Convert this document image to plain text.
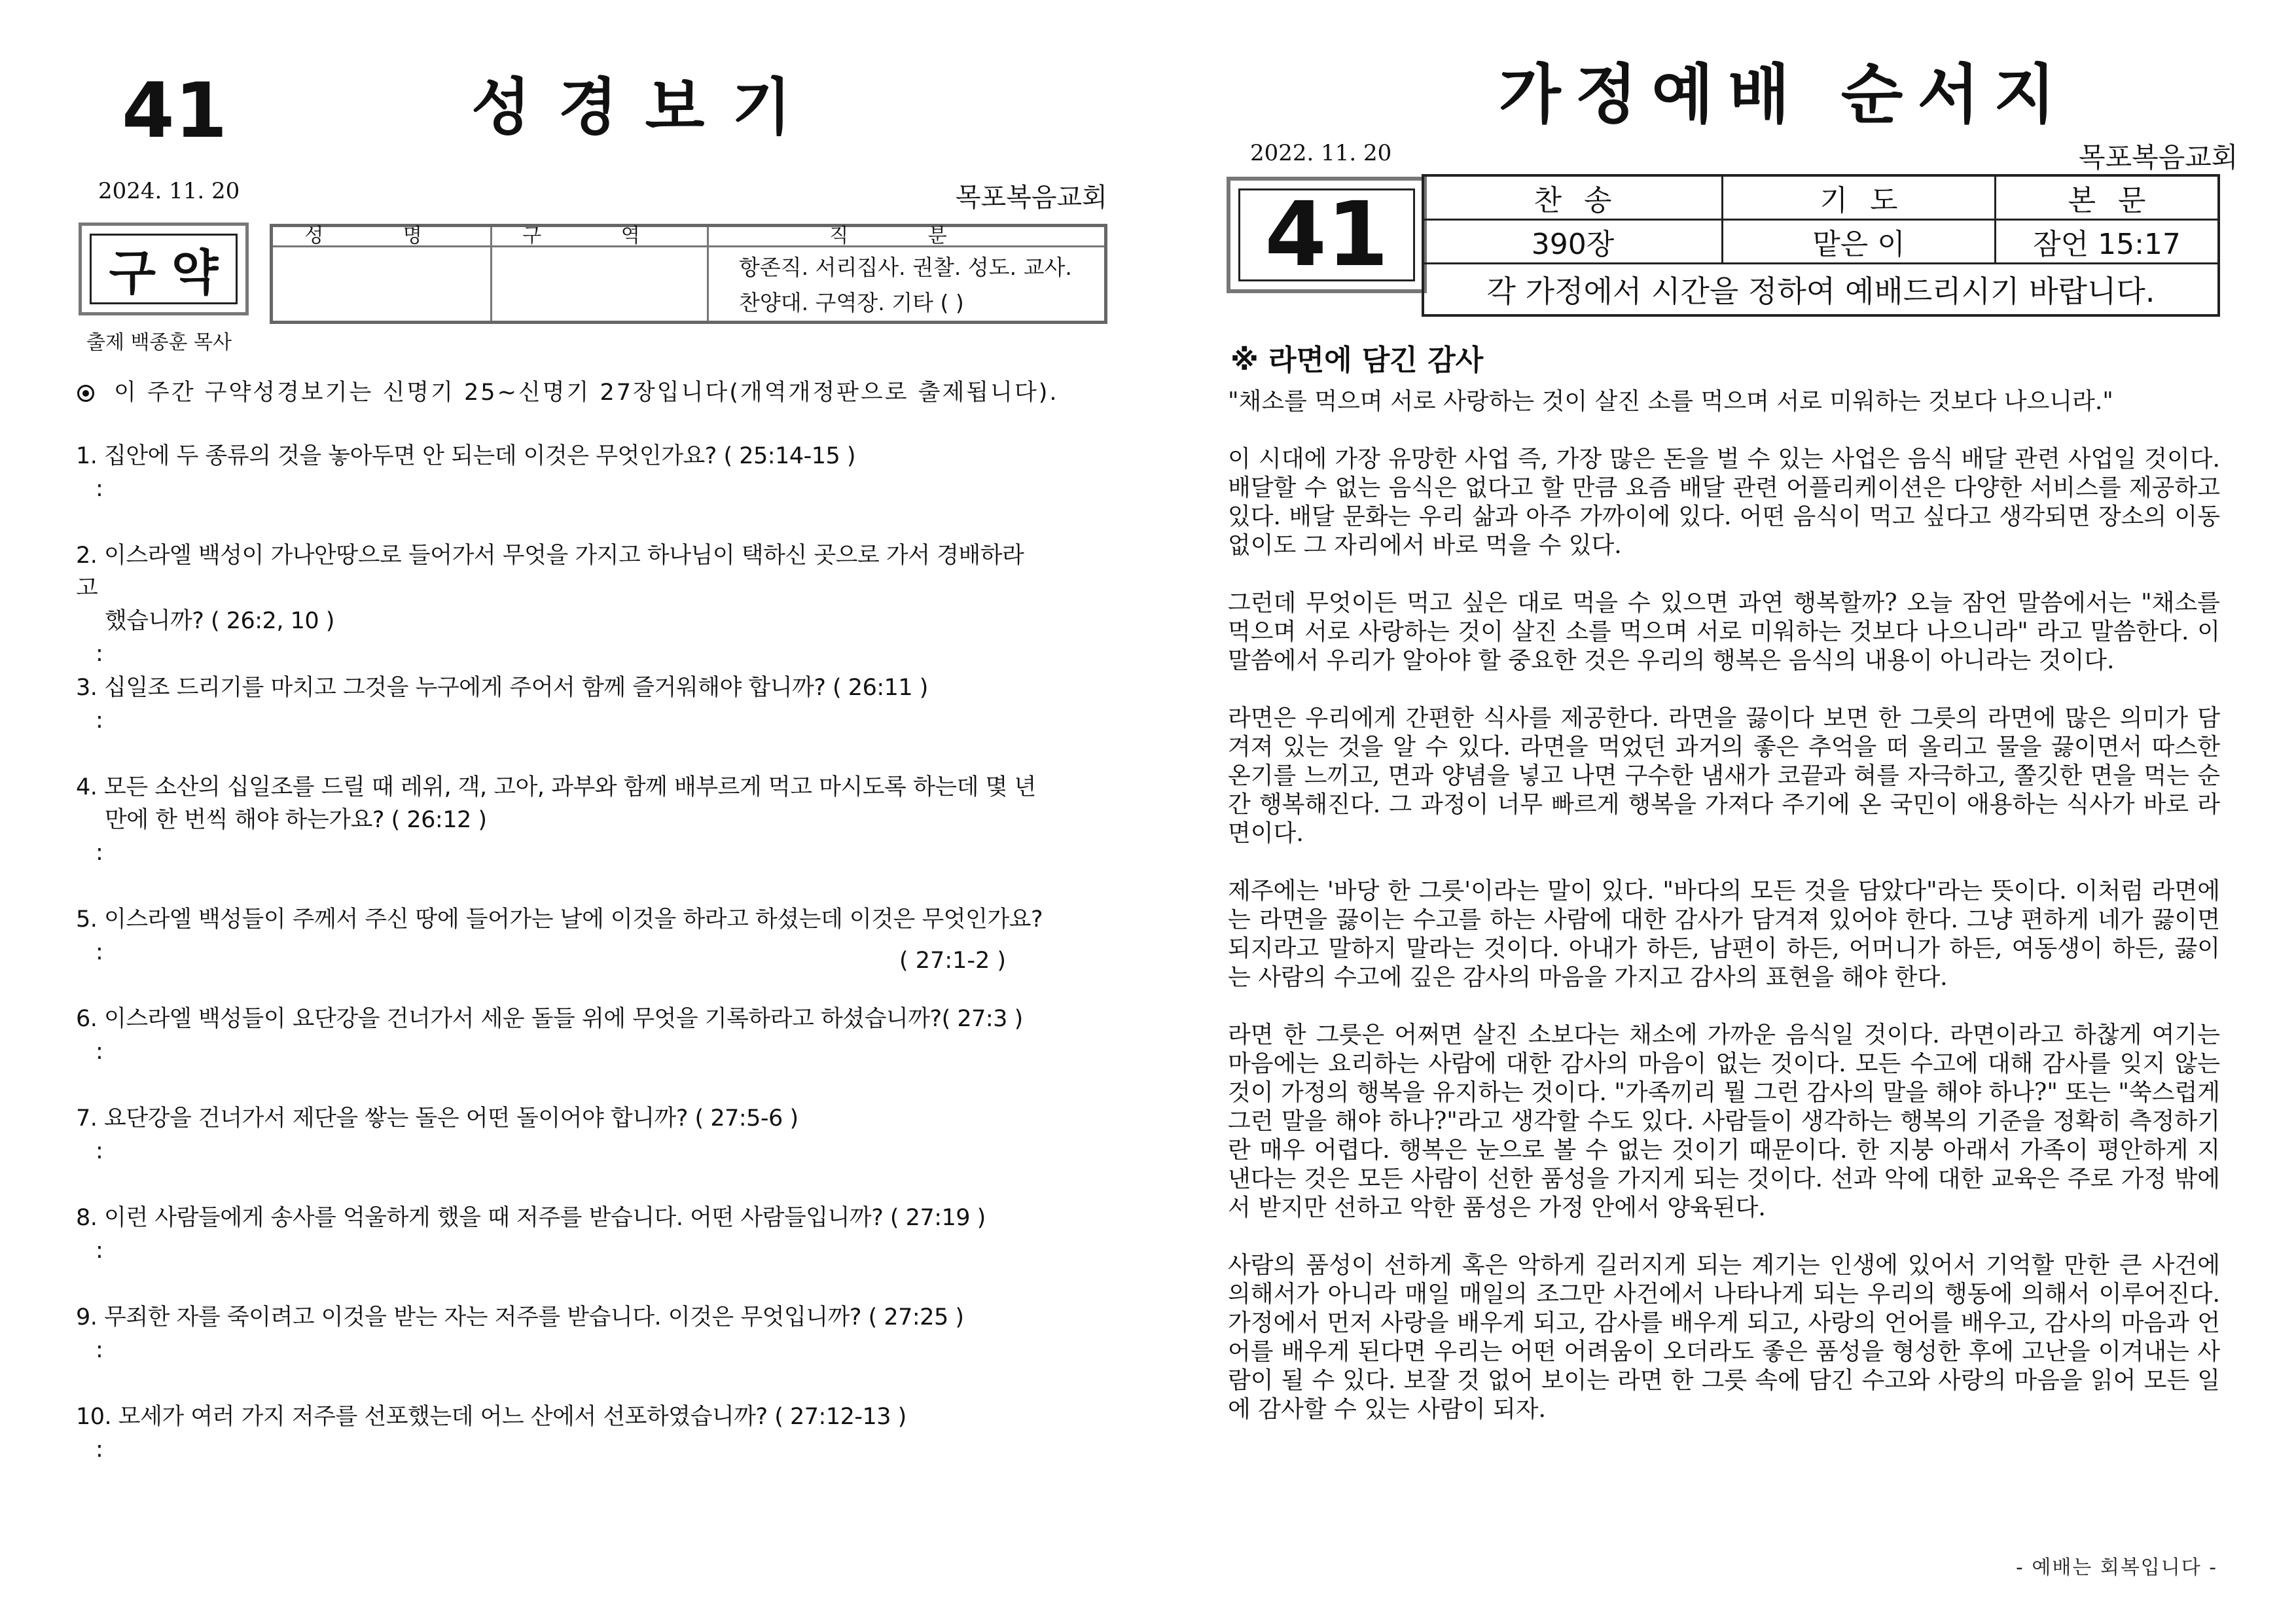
41	성경보기
2024. 11. 20	목포복음교회
구약
성 명	구 역	직 분

		항존직. 서리집사. 권찰. 성도. 교사.
찬양대. 구역장. 기타 ( )
출제 백종훈 목사
이 주간 구약성경보기는 신명기 25~신명기 27장입니다(개역개정판으로 출제됩니다).
1. 집안에 두 종류의 것을 놓아두면 안 되는데 이것은 무엇인가요? ( 25:14-15 )
:
2. 이스라엘 백성이 가나안땅으로 들어가서 무엇을 가지고 하나님이 택하신 곳으로 가서 경배하라고
했습니까? ( 26:2, 10 )
:
3. 십일조 드리기를 마치고 그것을 누구에게 주어서 함께 즐거워해야 합니까? ( 26:11 )
:
4. 모든 소산의 십일조를 드릴 때 레위, 객, 고아, 과부와 함께 배부르게 먹고 마시도록 하는데 몇 년
만에 한 번씩 해야 하는가요? ( 26:12 )
:
5. 이스라엘 백성들이 주께서 주신 땅에 들어가는 날에 이것을 하라고 하셨는데 이것은 무엇인가요?
:	( 27:1-2 )
6. 이스라엘 백성들이 요단강을 건너가서 세운 돌들 위에 무엇을 기록하라고 하셨습니까?( 27:3 )
:
7. 요단강을 건너가서 제단을 쌓는 돌은 어떤 돌이어야 합니까? ( 27:5-6 )
:
8. 이런 사람들에게 송사를 억울하게 했을 때 저주를 받습니다. 어떤 사람들입니까? ( 27:19 )
:
9. 무죄한 자를 죽이려고 이것을 받는 자는 저주를 받습니다. 이것은 무엇입니까? ( 27:25 )
:
10. 모세가 여러 가지 저주를 선포했는데 어느 산에서 선포하였습니까? ( 27:12-13 )
:
가정예배 순서지
2022. 11. 20	목포복음교회
41	찬송	기도	본문
390장	맡은 이	잠언 15:17
각 가정에서 시간을 정하여 예배드리시기 바랍니다.		
※ 라면에 담긴 감사

"채소를 먹으며 서로 사랑하는 것이 살진 소를 먹으며 서로 미워하는 것보다 나으니라."

이 시대에 가장 유망한 사업 즉, 가장 많은 돈을 벌 수 있는 사업은 음식 배달 관련 사업일 것이다. 배달할 수 없는 음식은 없다고 할 만큼 요즘 배달 관련 어플리케이션은 다양한 서비스를 제공하고 있다. 배달 문화는 우리 삶과 아주 가까이에 있다. 어떤 음식이 먹고 싶다고 생각되면 장소의 이동 없이도 그 자리에서 바로 먹을 수 있다.

그런데 무엇이든 먹고 싶은 대로 먹을 수 있으면 과연 행복할까? 오늘 잠언 말씀에서는 "채소를 먹으며 서로 사랑하는 것이 살진 소를 먹으며 서로 미워하는 것보다 나으니라" 라고 말씀한다. 이 말씀에서 우리가 알아야 할 중요한 것은 우리의 행복은 음식의 내용이 아니라는 것이다.

라면은 우리에게 간편한 식사를 제공한다. 라면을 끓이다 보면 한 그릇의 라면에 많은 의미가 담겨져 있는 것을 알 수 있다. 라면을 먹었던 과거의 좋은 추억을 떠 올리고 물을 끓이면서 따스한 온기를 느끼고, 면과 양념을 넣고 나면 구수한 냄새가 코끝과 혀를 자극하고, 쫄깃한 면을 먹는 순간 행복해진다. 그 과정이 너무 빠르게 행복을 가져다 주기에 온 국민이 애용하는 식사가 바로 라면이다.

제주에는 '바당 한 그릇'이라는 말이 있다. "바다의 모든 것을 담았다"라는 뜻이다. 이처럼 라면에는 라면을 끓이는 수고를 하는 사람에 대한 감사가 담겨져 있어야 한다. 그냥 편하게 네가 끓이면 되지라고 말하지 말라는 것이다. 아내가 하든, 남편이 하든, 어머니가 하든, 여동생이 하든, 끓이는 사람의 수고에 깊은 감사의 마음을 가지고 감사의 표현을 해야 한다.

라면 한 그릇은 어쩌면 살진 소보다는 채소에 가까운 음식일 것이다. 라면이라고 하찮게 여기는 마음에는 요리하는 사람에 대한 감사의 마음이 없는 것이다. 모든 수고에 대해 감사를 잊지 않는 것이 가정의 행복을 유지하는 것이다. "가족끼리 뭘 그런 감사의 말을 해야 하나?" 또는 "쑥스럽게 그런 말을 해야 하나?"라고 생각할 수도 있다. 사람들이 생각하는 행복의 기준을 정확히 측정하기란 매우 어렵다. 행복은 눈으로 볼 수 없는 것이기 때문이다. 한 지붕 아래서 가족이 평안하게 지낸다는 것은 모든 사람이 선한 품성을 가지게 되는 것이다. 선과 악에 대한 교육은 주로 가정 밖에서 받지만 선하고 악한 품성은 가정 안에서 양육된다.

사람의 품성이 선하게 혹은 악하게 길러지게 되는 계기는 인생에 있어서 기억할 만한 큰 사건에 의해서가 아니라 매일 매일의 조그만 사건에서 나타나게 되는 우리의 행동에 의해서 이루어진다. 가정에서 먼저 사랑을 배우게 되고, 감사를 배우게 되고, 사랑의 언어를 배우고, 감사의 마음과 언어를 배우게 된다면 우리는 어떤 어려움이 오더라도 좋은 품성을 형성한 후에 고난을 이겨내는 사람이 될 수 있다. 보잘 것 없어 보이는 라면 한 그릇 속에 담긴 수고와 사랑의 마음을 읽어 모든 일에 감사할 수 있는 사람이 되자.

- 예배는 회복입니다 -
